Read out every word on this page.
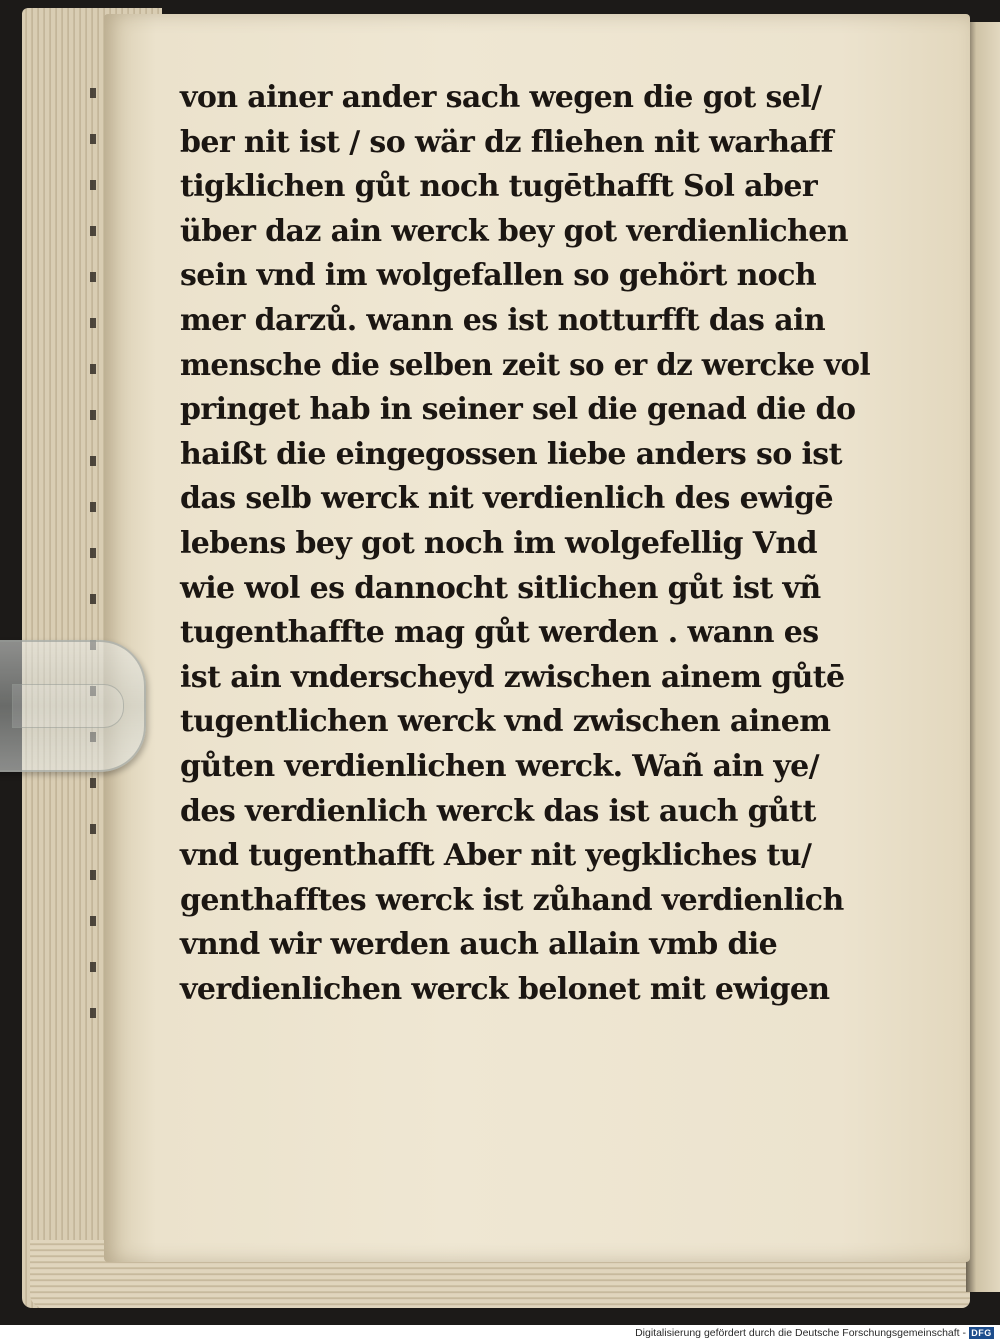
von ainer ander sach wegen die got sel/
ber nit ist / so wär dz fliehen nit warhaff
tigklichen gůt noch tugēthafft Sol aber
über daz ain werck bey got verdienlichen
sein vnd im wolgefallen so gehört noch
mer darzů. wann es ist notturfft das ain
mensche die selben zeit so er dz wercke vol
pringet hab in seiner sel die genad die do
haißt die eingegossen liebe anders so ist
das selb werck nit verdienlich des ewigē
lebens bey got noch im wolgefellig Vnd
wie wol es dannocht sitlichen gůt ist vñ
tugenthaffte mag gůt werden . wann es
ist ain vnderscheyd zwischen ainem gůtē
tugentlichen werck vnd zwischen ainem
gůten verdienlichen werck. Wañ ain ye/
des verdienlich werck das ist auch gůtt
vnd tugenthafft Aber nit yegkliches tu/
genthafftes werck ist zůhand verdienlich
vnnd wir werden auch allain vmb die
verdienlichen werck belonet mit ewigen
Digitalisierung gefördert durch die Deutsche Forschungsgemeinschaft - DFG
